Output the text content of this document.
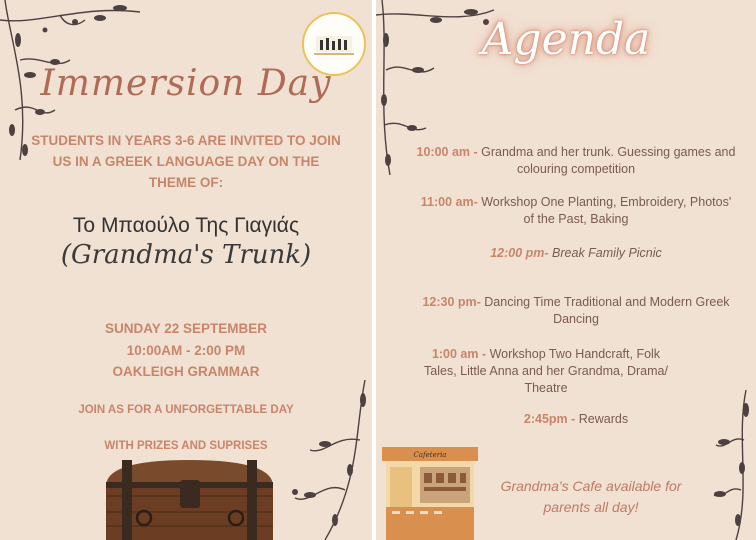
Immersion Day
STUDENTS IN YEARS 3-6 ARE INVITED TO JOIN US IN A GREEK LANGUAGE DAY ON THE THEME OF:
Το Μπαούλο Της Γιαγιάς
(Grandma's Trunk)
SUNDAY 22 SEPTEMBER
10:00AM - 2:00 PM
OAKLEIGH GRAMMAR
JOIN AS FOR A UNFORGETTABLE DAY
WITH PRIZES AND SUPRISES
Agenda
10:00 am - Grandma and her trunk. Guessing games and colouring competition
11:00 am- Workshop One Planting, Embroidery, Photos' of the Past, Baking
12:00 pm- Break Family Picnic
12:30 pm- Dancing Time Traditional and Modern Greek Dancing
1:00 am - Workshop Two Handcraft, Folk Tales, Little Anna and her Grandma, Drama/ Theatre
2:45pm - Rewards
Cafeteria
Grandma's Cafe available for parents all day!
